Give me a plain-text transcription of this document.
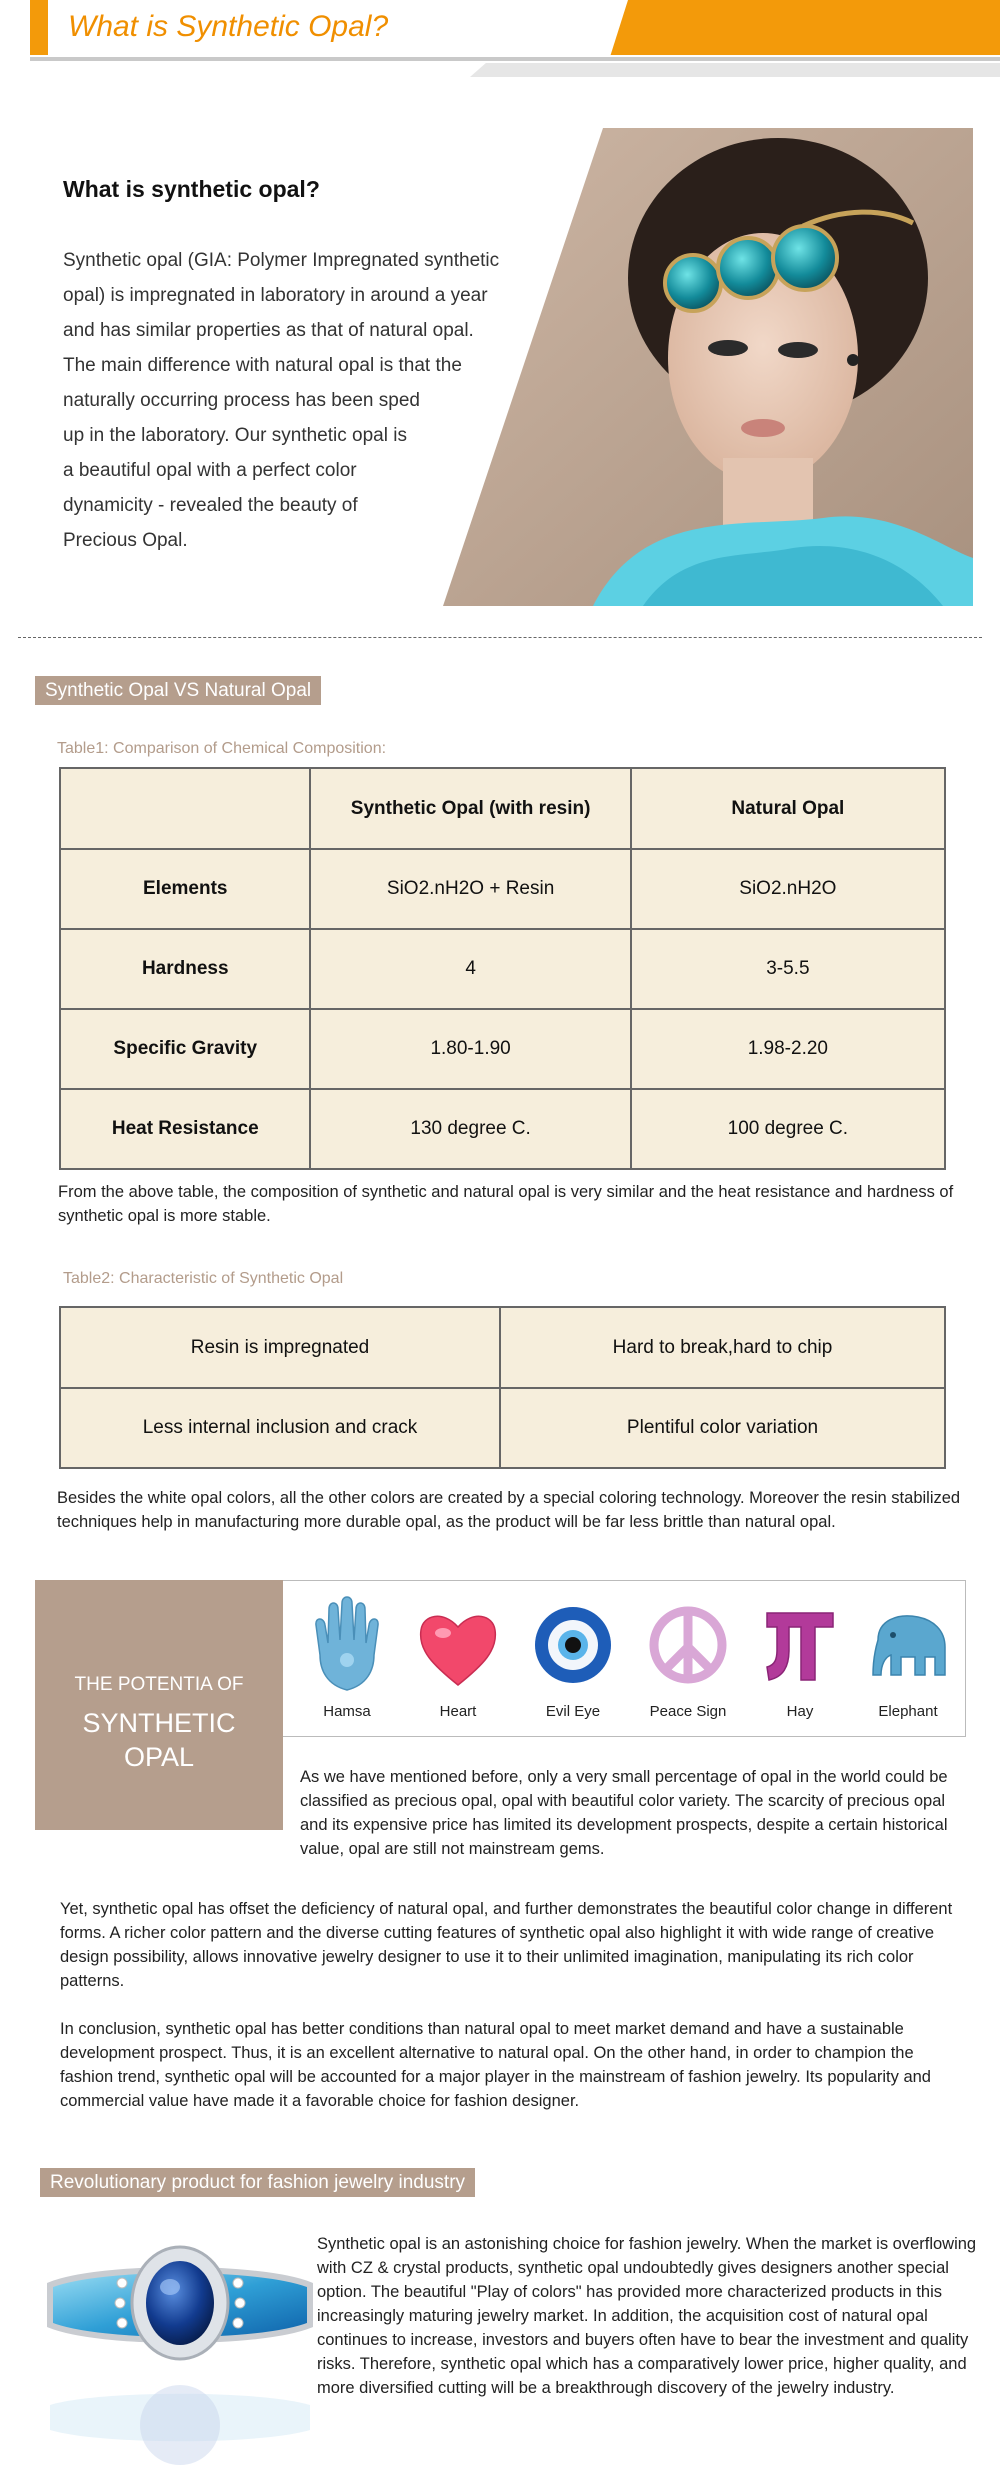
What is Synthetic Opal?
What is synthetic opal?
Synthetic opal (GIA: Polymer Impregnated synthetic
opal) is impregnated in laboratory in around a year
and has similar properties as that of natural opal.
The main difference with natural opal is that the
naturally occurring process has been sped
up in the laboratory. Our synthetic opal is
a beautiful opal with a perfect color
dynamicity - revealed the beauty of
Precious Opal.
Synthetic Opal VS Natural Opal
Table1: Comparison of Chemical Composition:
	Synthetic Opal (with resin)	Natural Opal
Elements	SiO2.nH2O + Resin	SiO2.nH2O
Hardness	4	3-5.5
Specific Gravity	1.80-1.90	1.98-2.20
Heat Resistance	130 degree C.	100 degree C.
From the above table, the composition of synthetic and natural opal is very similar and the heat resistance and hardness of synthetic opal is more stable.
Table2: Characteristic of Synthetic Opal
Resin is impregnated	Hard to break,hard to chip
Less internal inclusion and crack	Plentiful color variation
Besides the white opal colors, all the other colors are created by a special coloring technology. Moreover the resin stabilized techniques help in manufacturing more durable opal, as the product will be far less brittle than natural opal.
THE POTENTIA OF
SYNTHETIC
OPAL
Hamsa	Heart	Evil Eye	Peace Sign	Hay	Elephant
As we have mentioned before, only a very small percentage of opal in the world could be classified as precious opal, opal with beautiful color variety. The scarcity of precious opal and its expensive price has limited its development prospects, despite a certain historical value, opal are still not mainstream gems.
Yet, synthetic opal has offset the deficiency of natural opal, and further demonstrates the beautiful color change in different forms. A richer color pattern and the diverse cutting features of synthetic opal also highlight it with wide range of creative design possibility, allows innovative jewelry designer to use it to their unlimited imagination, manipulating its rich color patterns.
In conclusion, synthetic opal has better conditions than natural opal to meet market demand and have a sustainable development prospect. Thus, it is an excellent alternative to natural opal. On the other hand, in order to champion the fashion trend, synthetic opal will be accounted for a major player in the mainstream of fashion jewelry. Its popularity and commercial value have made it a favorable choice for fashion designer.
Revolutionary product for fashion jewelry industry
Synthetic opal is an astonishing choice for fashion jewelry. When the market is overflowing with CZ & crystal products, synthetic opal undoubtedly gives designers another special option. The beautiful "Play of colors" has provided more characterized products in this increasingly maturing jewelry market. In addition, the acquisition cost of natural opal continues to increase, investors and buyers often have to bear the investment and quality risks. Therefore, synthetic opal which has a comparatively lower price, higher quality, and more diversified cutting will be a breakthrough discovery of the jewelry industry.
